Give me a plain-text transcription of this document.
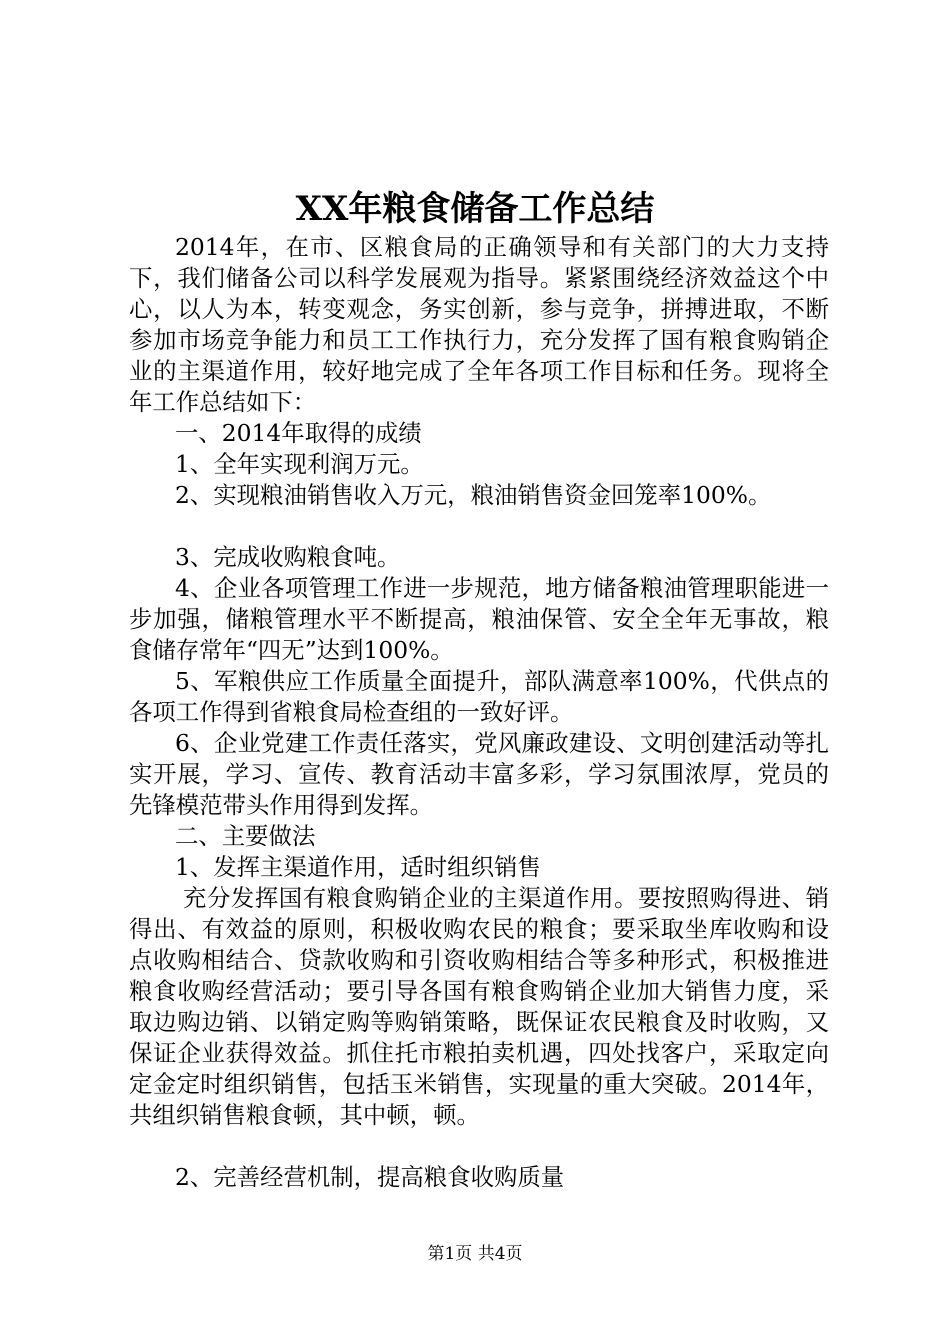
XX年粮食储备工作总结

2014年，在市、区粮食局的正确领导和有关部门的大力支持下，我们储备公司以科学发展观为指导。紧紧围绕经济效益这个中心，以人为本，转变观念，务实创新，参与竞争，拼搏进取，不断参加市场竞争能力和员工工作执行力，充分发挥了国有粮食购销企业的主渠道作用，较好地完成了全年各项工作目标和任务。现将全年工作总结如下：

一、2014年取得的成绩

1、全年实现利润万元。

2、实现粮油销售收入万元，粮油销售资金回笼率100%。

3、完成收购粮食吨。

4、企业各项管理工作进一步规范，地方储备粮油管理职能进一步加强，储粮管理水平不断提高，粮油保管、安全全年无事故，粮食储存常年“四无”达到100%。

5、军粮供应工作质量全面提升，部队满意率100%，代供点的各项工作得到省粮食局检查组的一致好评。

6、企业党建工作责任落实，党风廉政建设、文明创建活动等扎实开展，学习、宣传、教育活动丰富多彩，学习氛围浓厚，党员的先锋模范带头作用得到发挥。

二、主要做法

1、发挥主渠道作用，适时组织销售

充分发挥国有粮食购销企业的主渠道作用。要按照购得进、销得出、有效益的原则，积极收购农民的粮食；要采取坐库收购和设点收购相结合、贷款收购和引资收购相结合等多种形式，积极推进粮食收购经营活动；要引导各国有粮食购销企业加大销售力度，采取边购边销、以销定购等购销策略，既保证农民粮食及时收购，又保证企业获得效益。抓住托市粮拍卖机遇，四处找客户，采取定向定金定时组织销售，包括玉米销售，实现量的重大突破。2014年，共组织销售粮食顿，其中顿，顿。

2、完善经营机制，提高粮食收购质量

第1页 共4页
